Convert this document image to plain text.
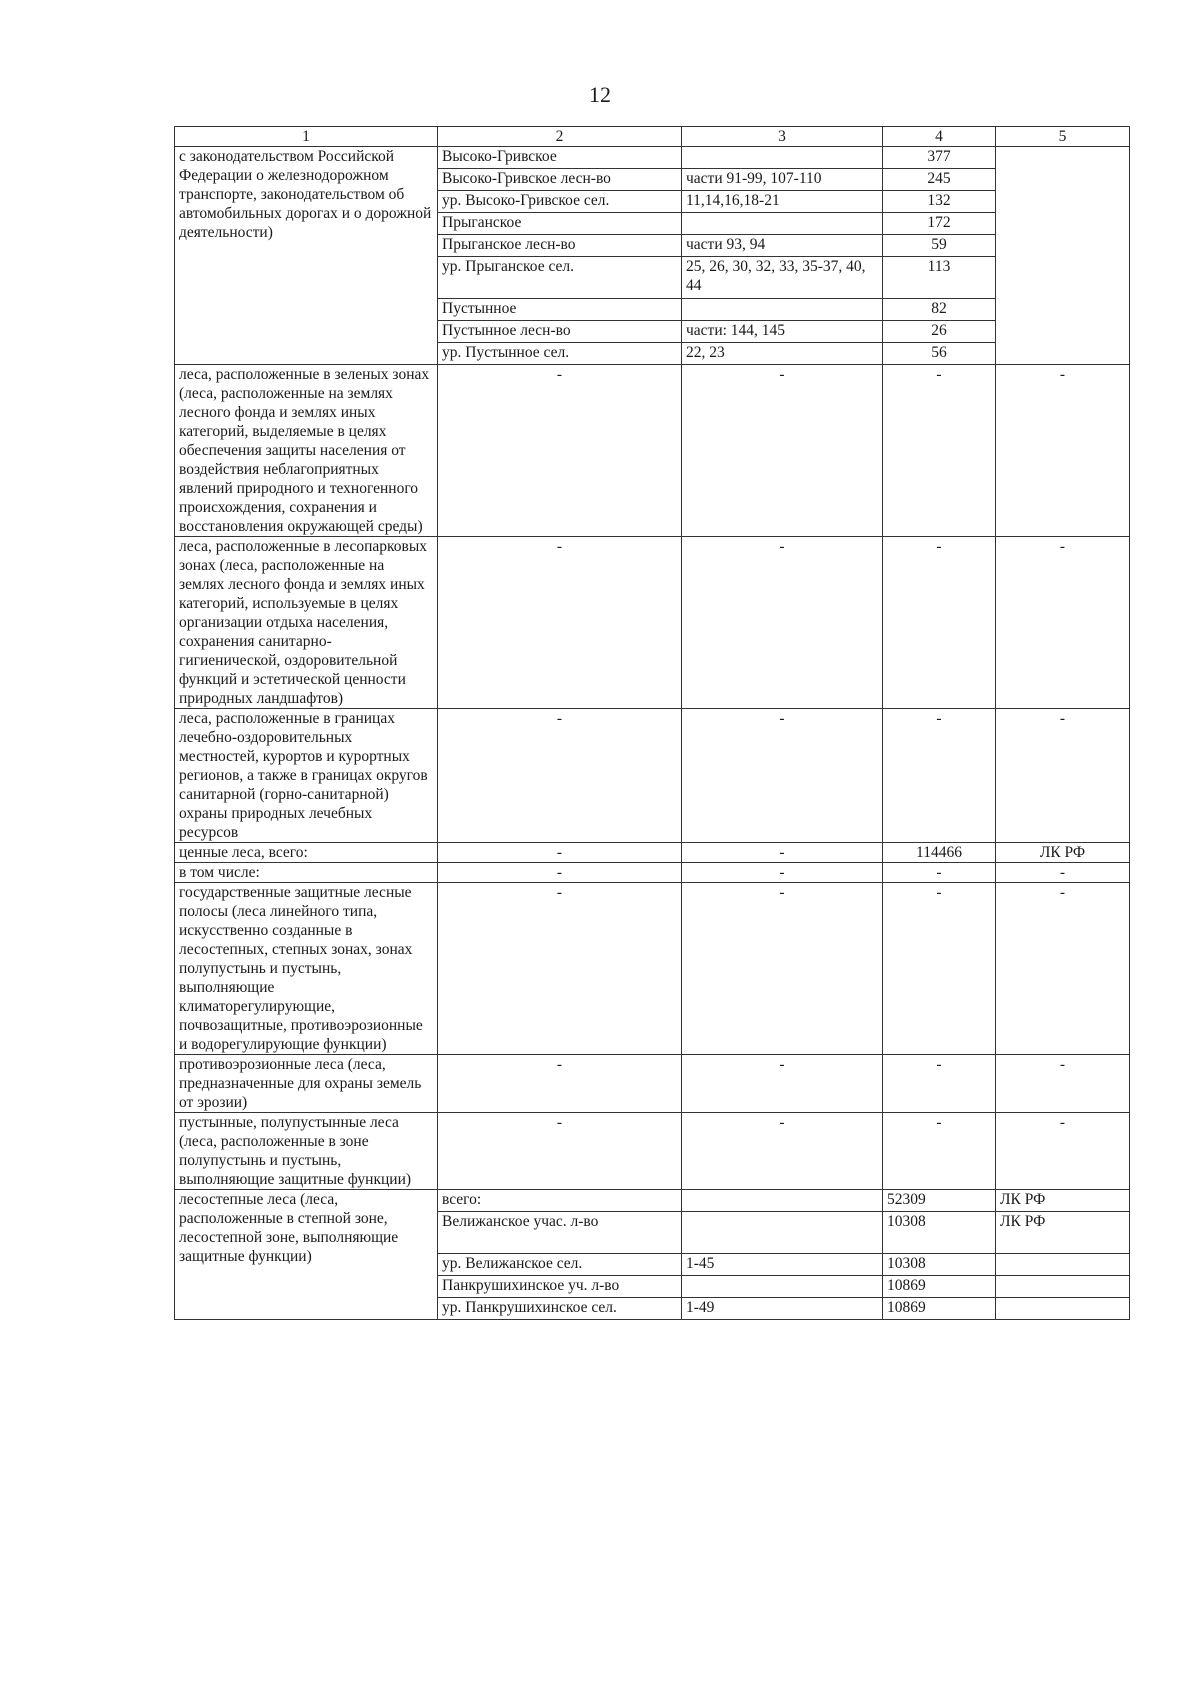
12
1	2	3	4	5
с законодательством Российской Федерации о железнодорожном транспорте, законодательством об автомобильных дорогах и о дорожной деятельности)	Высоко-Гривское		377	
	Высоко-Гривское лесн-во	части 91-99, 107-110	245	
	ур. Высоко-Гривское сел.	11,14,16,18-21	132	
	Прыганское		172	
	Прыганское лесн-во	части 93, 94	59	
	ур. Прыганское сел.	25, 26, 30, 32, 33, 35-37, 40, 44	113	
	Пустынное		82	
	Пустынное лесн-во	части: 144, 145	26	
	ур. Пустынное сел.	22, 23	56	
леса, расположенные в зеленых зонах (леса, расположенные на землях лесного фонда и землях иных категорий, выделяемые в целях обеспечения защиты населения от воздействия неблагоприятных явлений природного и техногенного происхождения, сохранения и восстановления окружающей среды)	-	-	-	-
леса, расположенные в лесопарковых зонах (леса, расположенные на землях лесного фонда и землях иных категорий, используемые в целях организации отдыха населения, сохранения санитарно-гигиенической, оздоровительной функций и эстетической ценности природных ландшафтов)	-	-	-	-
леса, расположенные в границах лечебно-оздоровительных местностей, курортов и курортных регионов, а также в границах округов санитарной (горно-санитарной) охраны природных лечебных ресурсов	-	-	-	-
ценные леса, всего:	-	-	114466	ЛК РФ
в том числе:	-	-	-	-
государственные защитные лесные полосы (леса линейного типа, искусственно созданные в лесостепных, степных зонах, зонах полупустынь и пустынь, выполняющие климаторегулирующие, почвозащитные, противоэрозионные и водорегулирующие функции)	-	-	-	-
противоэрозионные леса (леса, предназначенные для охраны земель от эрозии)	-	-	-	-
пустынные, полупустынные леса (леса, расположенные в зоне полупустынь и пустынь, выполняющие защитные функции)	-	-	-	-
лесостепные леса (леса, расположенные в степной зоне, лесостепной зоне, выполняющие защитные функции)	всего:		52309	ЛК РФ
	Велижанское учас. л-во		10308	ЛК РФ
	ур. Велижанское сел.	1-45	10308	
	Панкрушихинское уч. л-во		10869	
	ур. Панкрушихинское сел.	1-49	10869	
